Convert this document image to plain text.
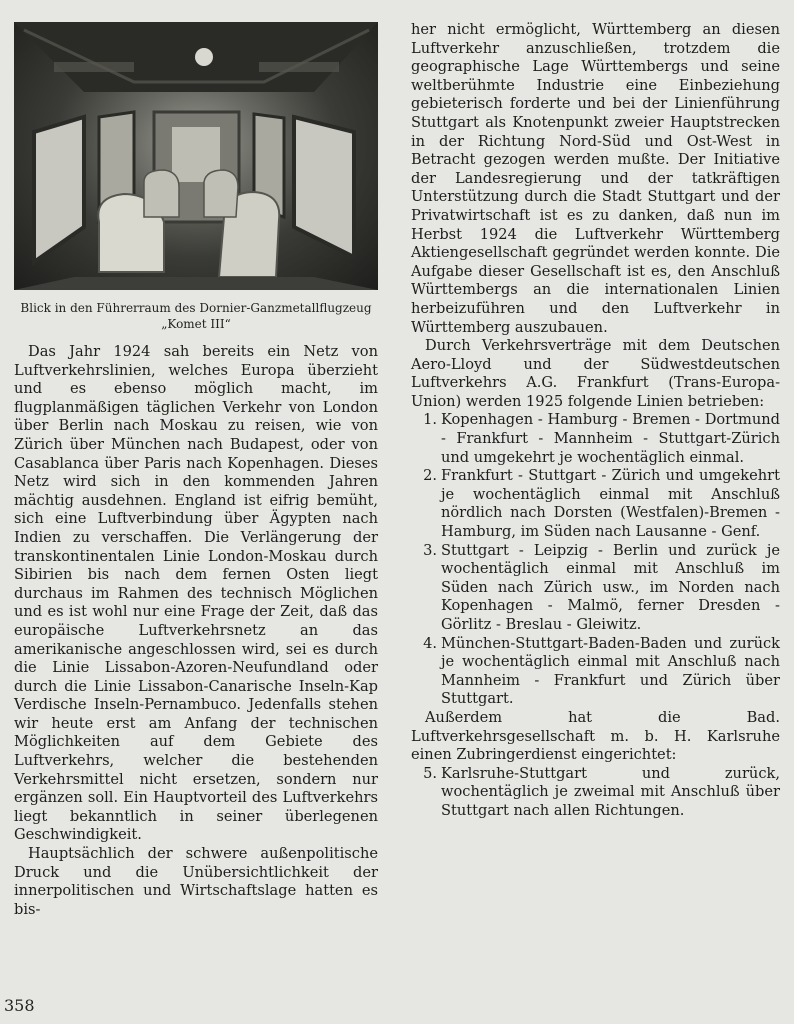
Blick in den Führerraum des Dornier-Ganzmetallflugzeug „Komet III“

Das Jahr 1924 sah bereits ein Netz von Luftverkehrslinien, welches Europa überzieht und es ebenso möglich macht, im flugplanmäßigen täglichen Verkehr von London über Berlin nach Moskau zu reisen, wie von Zürich über München nach Budapest, oder von Casablanca über Paris nach Kopenhagen. Dieses Netz wird sich in den kommenden Jahren mächtig ausdehnen. England ist eifrig bemüht, sich eine Luftverbindung über Ägypten nach Indien zu verschaffen. Die Verlängerung der transkontinentalen Linie London-Moskau durch Sibirien bis nach dem fernen Osten liegt durchaus im Rahmen des technisch Möglichen und es ist wohl nur eine Frage der Zeit, daß das europäische Luftverkehrsnetz an das amerikanische angeschlossen wird, sei es durch die Linie Lissabon-Azoren-Neufundland oder durch die Linie Lissabon-Canarische Inseln-Kap Verdische Inseln-Pernambuco. Jedenfalls stehen wir heute erst am Anfang der technischen Möglichkeiten auf dem Gebiete des Luftverkehrs, welcher die bestehenden Verkehrsmittel nicht ersetzen, sondern nur ergänzen soll. Ein Hauptvorteil des Luftverkehrs liegt bekanntlich in seiner überlegenen Geschwindigkeit.

Hauptsächlich der schwere außenpolitische Druck und die Unübersichtlichkeit der innerpolitischen und Wirtschaftslage hatten es bis-

her nicht ermöglicht, Württemberg an diesen Luftverkehr anzuschließen, trotzdem die geographische Lage Württembergs und seine weltberühmte Industrie eine Einbeziehung gebieterisch forderte und bei der Linienführung Stuttgart als Knotenpunkt zweier Hauptstrecken in der Richtung Nord-Süd und Ost-West in Betracht gezogen werden mußte. Der Initiative der Landesregierung und der tatkräftigen Unterstützung durch die Stadt Stuttgart und der Privatwirtschaft ist es zu danken, daß nun im Herbst 1924 die Luftverkehr Württemberg Aktiengesellschaft gegründet werden konnte. Die Aufgabe dieser Gesellschaft ist es, den Anschluß Württembergs an die internationalen Linien herbeizuführen und den Luftverkehr in Württemberg auszubauen.

Durch Verkehrsverträge mit dem Deutschen Aero-Lloyd und der Südwestdeutschen Luftverkehrs A.G. Frankfurt (Trans-Europa-Union) werden 1925 folgende Linien betrieben:

1. Kopenhagen - Hamburg - Bremen - Dortmund - Frankfurt - Mannheim - Stuttgart-Zürich und umgekehrt je wochentäglich einmal.
2. Frankfurt - Stuttgart - Zürich und umgekehrt je wochentäglich einmal mit Anschluß nördlich nach Dorsten (Westfalen)-Bremen - Hamburg, im Süden nach Lausanne - Genf.
3. Stuttgart - Leipzig - Berlin und zurück je wochentäglich einmal mit Anschluß im Süden nach Zürich usw., im Norden nach Kopenhagen - Malmö, ferner Dresden - Görlitz - Breslau - Gleiwitz.
4. München-Stuttgart-Baden-Baden und zurück je wochentäglich einmal mit Anschluß nach Mannheim - Frankfurt und Zürich über Stuttgart.

Außerdem hat die Bad. Luftverkehrsgesellschaft m. b. H. Karlsruhe einen Zubringerdienst eingerichtet:

5. Karlsruhe-Stuttgart und zurück, wochentäglich je zweimal mit Anschluß über Stuttgart nach allen Richtungen.
358
